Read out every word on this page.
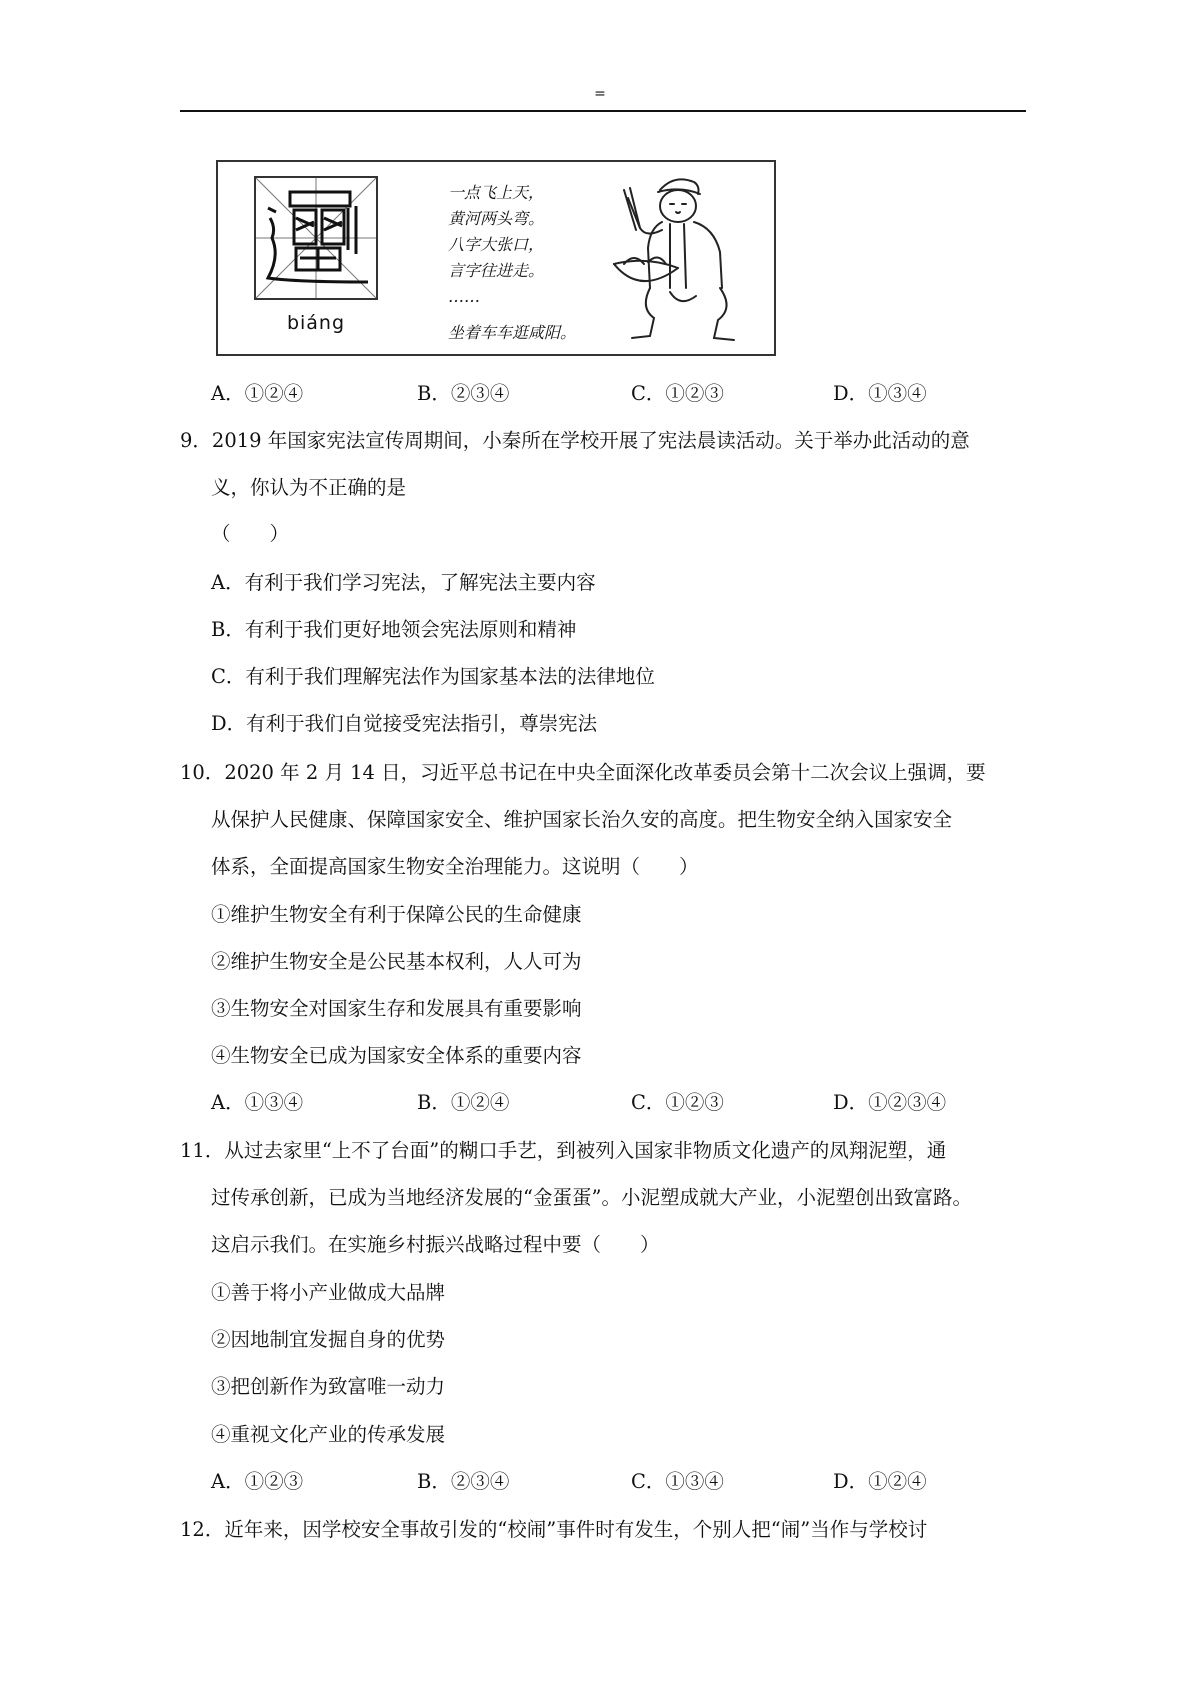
=
biáng
一点飞上天，
黄河两头弯。
八字大张口，
言字往进走。
……
坐着车车逛咸阳。
A．①②④	B．②③④	C．①②③	D．①③④
9．2019 年国家宪法宣传周期间，小秦所在学校开展了宪法晨读活动。关于举办此活动的意
义，你认为不正确的是
（　　）
A．有利于我们学习宪法，了解宪法主要内容
B．有利于我们更好地领会宪法原则和精神
C．有利于我们理解宪法作为国家基本法的法律地位
D．有利于我们自觉接受宪法指引，尊崇宪法
10．2020 年 2 月 14 日，习近平总书记在中央全面深化改革委员会第十二次会议上强调，要
从保护人民健康、保障国家安全、维护国家长治久安的高度。把生物安全纳入国家安全
体系，全面提高国家生物安全治理能力。这说明（　　）
①维护生物安全有利于保障公民的生命健康
②维护生物安全是公民基本权利，人人可为
③生物安全对国家生存和发展具有重要影响
④生物安全已成为国家安全体系的重要内容
A．①③④	B．①②④	C．①②③	D．①②③④
11．从过去家里“上不了台面”的糊口手艺，到被列入国家非物质文化遗产的凤翔泥塑，通
过传承创新，已成为当地经济发展的“金蛋蛋”。小泥塑成就大产业，小泥塑创出致富路。
这启示我们。在实施乡村振兴战略过程中要（　　）
①善于将小产业做成大品牌
②因地制宜发掘自身的优势
③把创新作为致富唯一动力
④重视文化产业的传承发展
A．①②③	B．②③④	C．①③④	D．①②④
12．近年来，因学校安全事故引发的“校闹”事件时有发生，个别人把“闹”当作与学校讨
